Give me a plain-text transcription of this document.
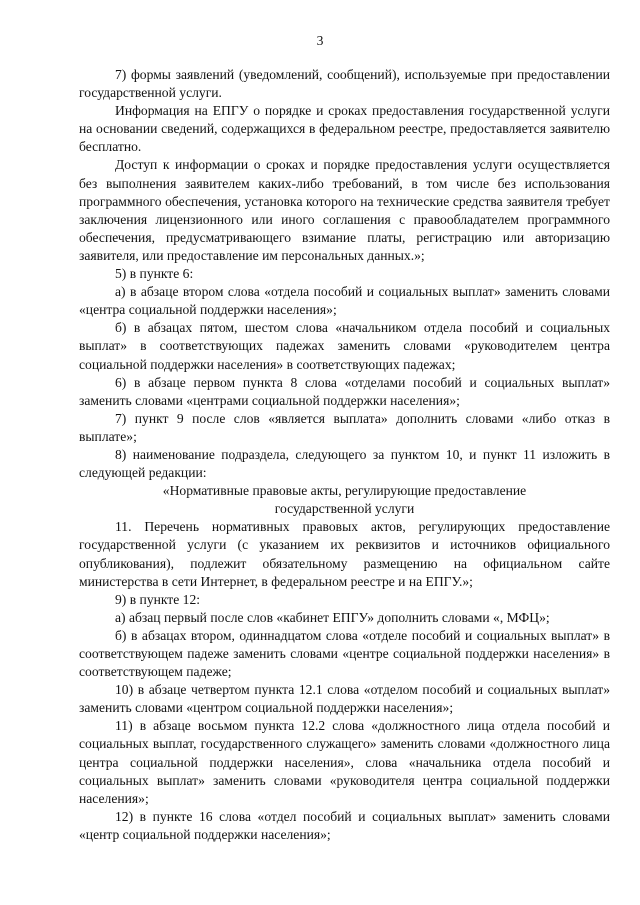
3

7) формы заявлений (уведомлений, сообщений), используемые при предоставлении государственной услуги.

Информация на ЕПГУ о порядке и сроках предоставления государственной услуги на основании сведений, содержащихся в федеральном реестре, предоставляется заявителю бесплатно.

Доступ к информации о сроках и порядке предоставления услуги осуществляется без выполнения заявителем каких-либо требований, в том числе без использования программного обеспечения, установка которого на технические средства заявителя требует заключения лицензионного или иного соглашения с правообладателем программного обеспечения, предусматривающего взимание платы, регистрацию или авторизацию заявителя, или предоставление им персональных данных.»;

5) в пункте 6:

а) в абзаце втором слова «отдела пособий и социальных выплат» заменить словами «центра социальной поддержки населения»;

б) в абзацах пятом, шестом слова «начальником отдела пособий и социальных выплат» в соответствующих падежах заменить словами «руководителем центра социальной поддержки населения» в соответствующих падежах;

6) в абзаце первом пункта 8 слова «отделами пособий и социальных выплат» заменить словами «центрами социальной поддержки населения»;

7) пункт 9 после слов «является выплата» дополнить словами «либо отказ в выплате»;

8) наименование подраздела, следующего за пунктом 10, и пункт 11 изложить в следующей редакции:

«Нормативные правовые акты, регулирующие предоставление государственной услуги

11. Перечень нормативных правовых актов, регулирующих предоставление государственной услуги (с указанием их реквизитов и источников официального опубликования), подлежит обязательному размещению на официальном сайте министерства в сети Интернет, в федеральном реестре и на ЕПГУ.»;

9) в пункте 12:

а) абзац первый после слов «кабинет ЕПГУ» дополнить словами «, МФЦ»;

б) в абзацах втором, одиннадцатом слова «отделе пособий и социальных выплат» в соответствующем падеже заменить словами «центре социальной поддержки населения» в соответствующем падеже;

10) в абзаце четвертом пункта 12.1 слова «отделом пособий и социальных выплат» заменить словами «центром социальной поддержки населения»;

11) в абзаце восьмом пункта 12.2 слова «должностного лица отдела пособий и социальных выплат, государственного служащего» заменить словами «должностного лица центра социальной поддержки населения», слова «начальника отдела пособий и социальных выплат» заменить словами «руководителя центра социальной поддержки населения»;

12) в пункте 16 слова «отдел пособий и социальных выплат» заменить словами «центр социальной поддержки населения»;
